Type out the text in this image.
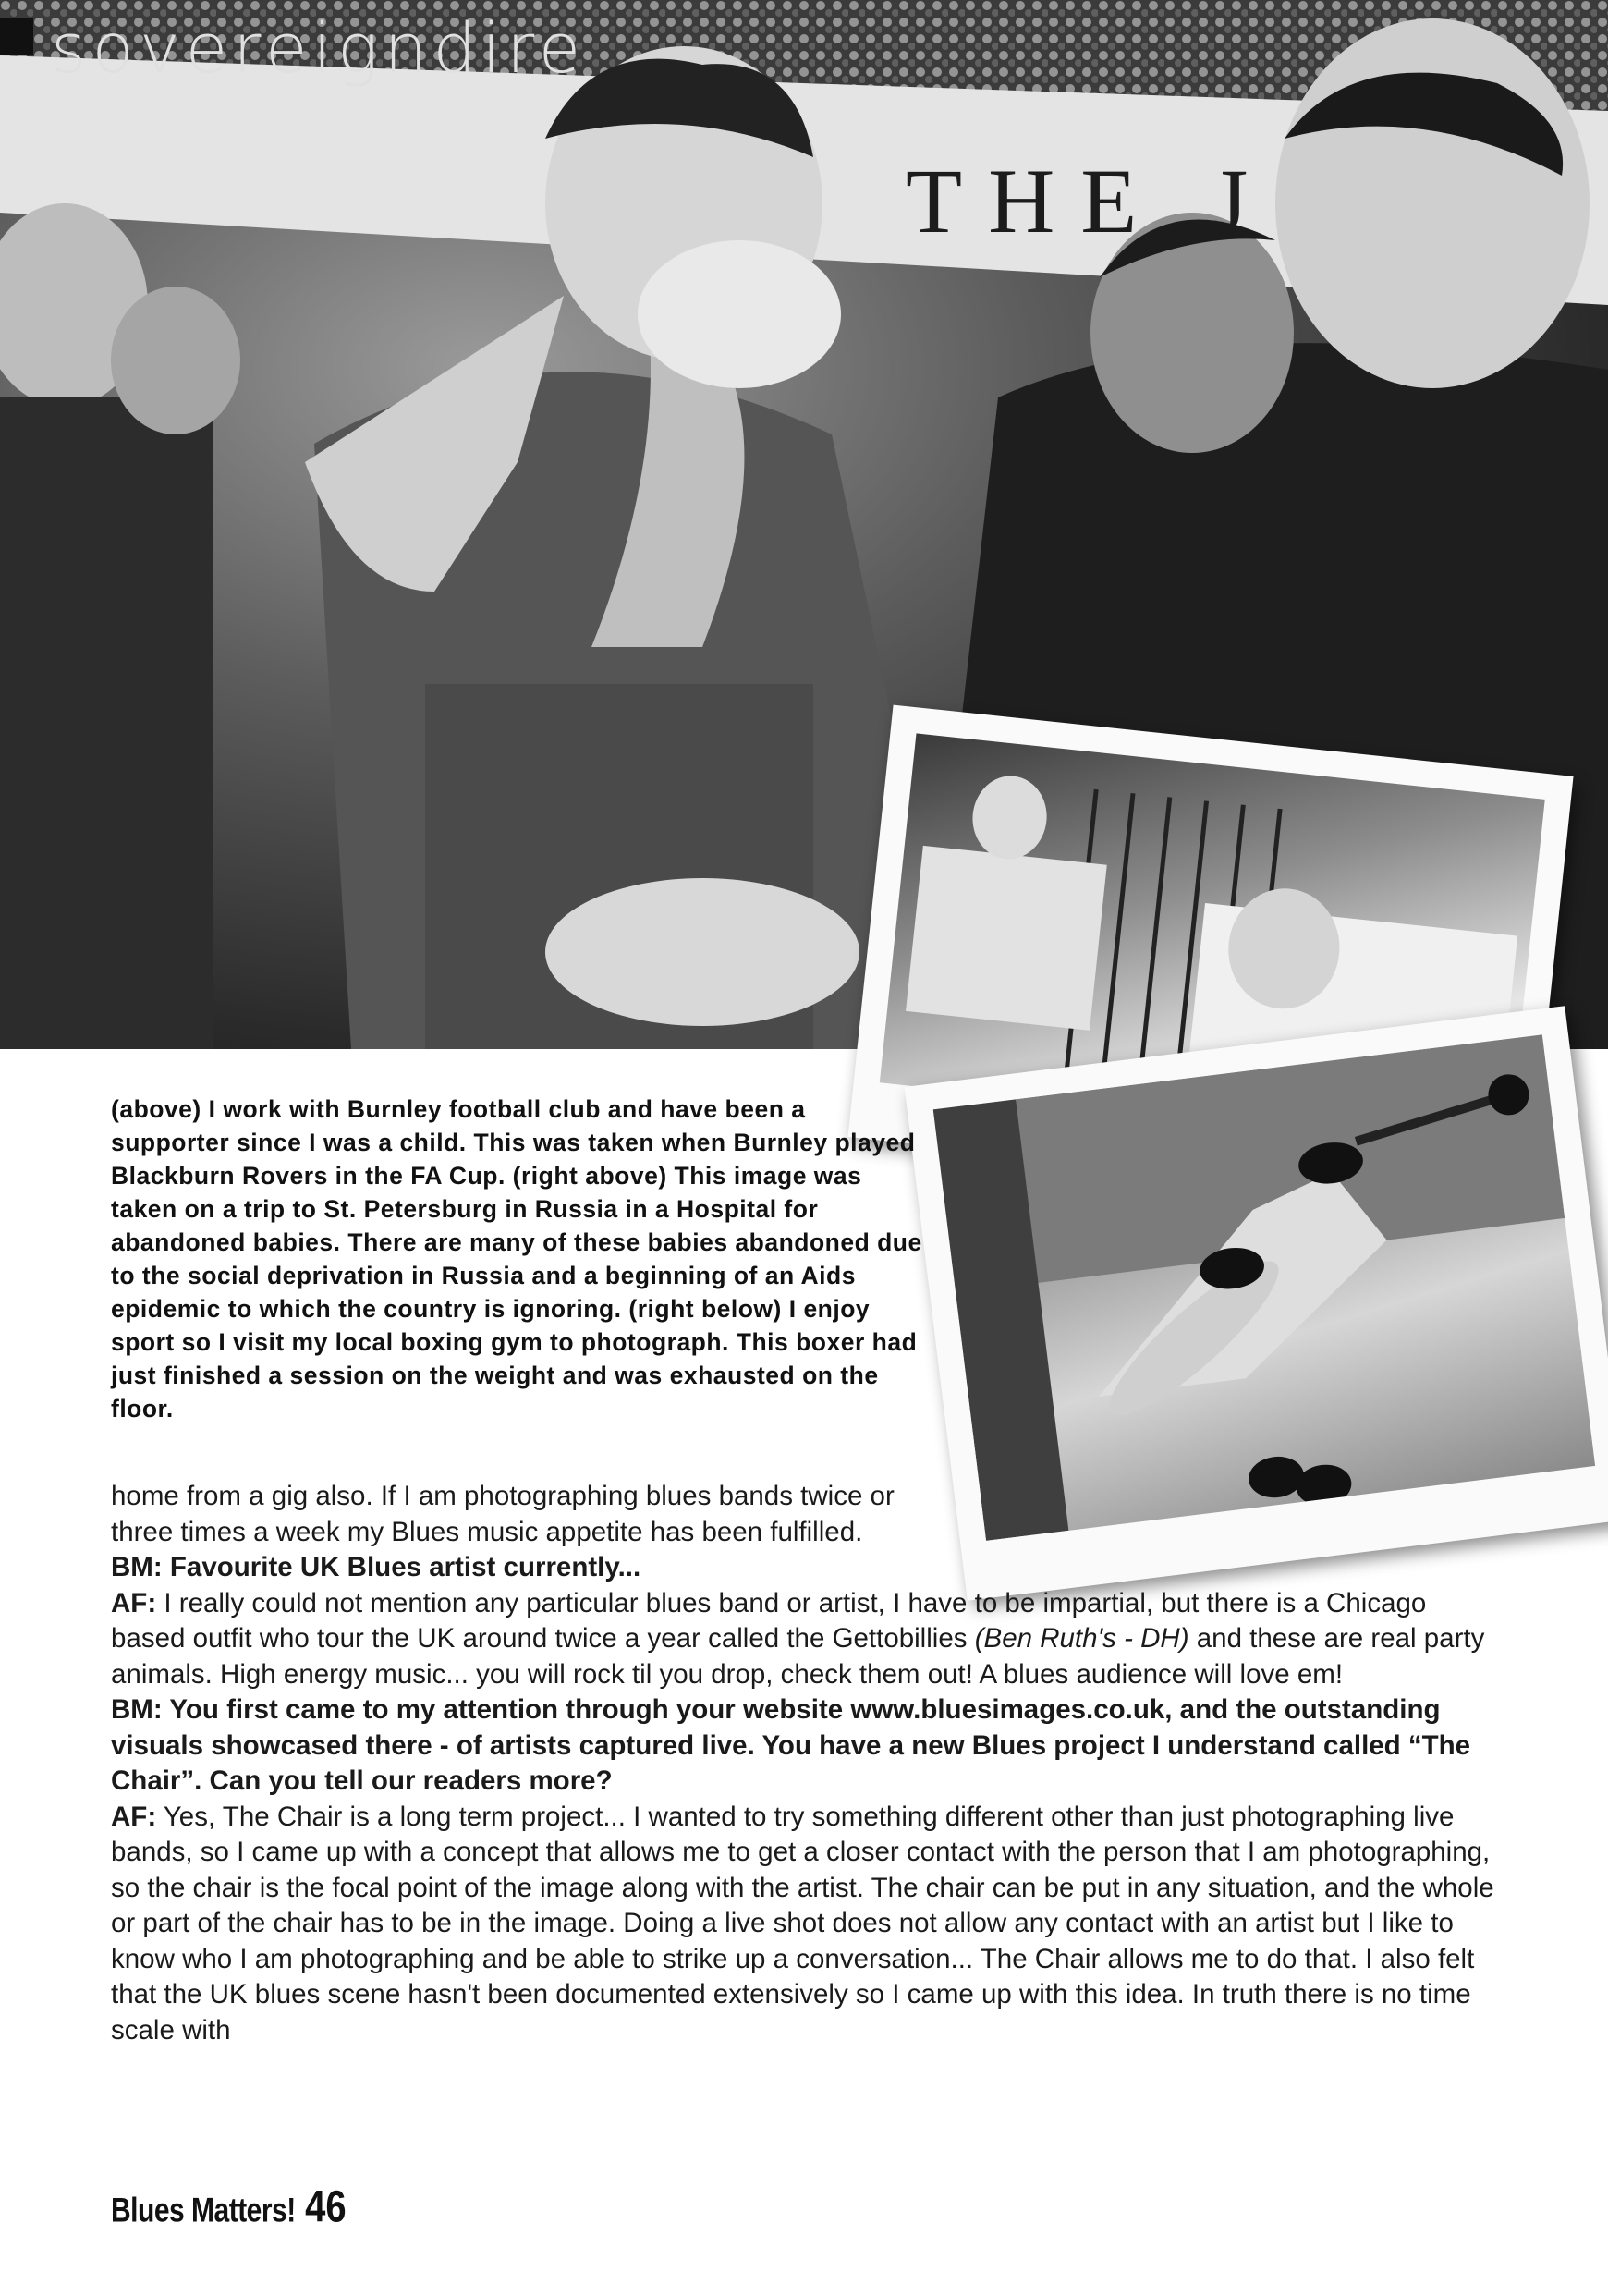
sovereigndire
THE J
(above) I work with Burnley football club and have been a supporter since I was a child. This was taken when Burnley played Blackburn Rovers in the FA Cup. (right above) This image was taken on a trip to St. Petersburg in Russia in a Hospital for abandoned babies. There are many of these babies abandoned due to the social deprivation in Russia and a beginning of an Aids epidemic to which the country is ignoring. (right below) I enjoy sport so I visit my local boxing gym to photograph. This boxer had just finished a session on the weight and was exhausted on the floor.

home from a gig also. If I am photographing blues bands twice or three times a week my Blues music appetite has been fulfilled.

BM: Favourite UK Blues artist currently...

AF: I really could not mention any particular blues band or artist, I have to be impartial, but there is a Chicago based outfit who tour the UK around twice a year called the Gettobillies (Ben Ruth's - DH) and these are real party animals. High energy music... you will rock til you drop, check them out! A blues audience will love em!

BM: You first came to my attention through your website www.bluesimages.co.uk, and the outstanding visuals showcased there - of artists captured live. You have a new Blues project I understand called “The Chair”. Can you tell our readers more?

AF: Yes, The Chair is a long term project... I wanted to try something different other than just photographing live bands, so I came up with a concept that allows me to get a closer contact with the person that I am photographing, so the chair is the focal point of the image along with the artist. The chair can be put in any situation, and the whole or part of the chair has to be in the image. Doing a live shot does not allow any contact with an artist but I like to know who I am photographing and be able to strike up a conversation... The Chair allows me to do that. I also felt that the UK blues scene hasn't been documented extensively so I came up with this idea. In truth there is no time scale with

Blues Matters! 46
